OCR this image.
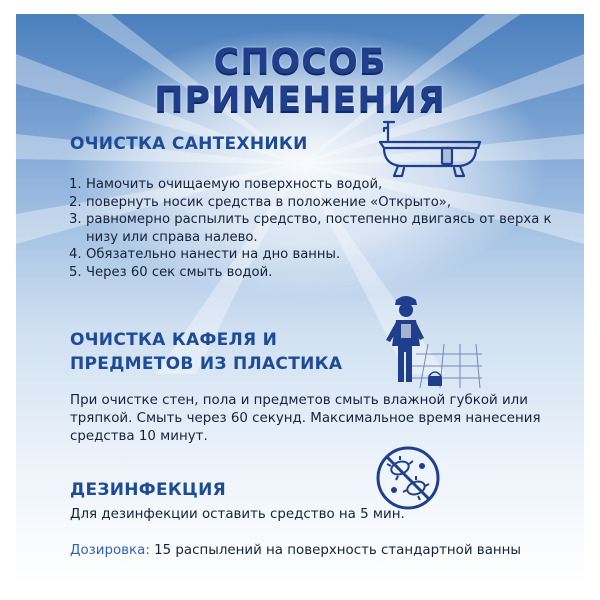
СПОСОБ
ПРИМЕНЕНИЯ
ОЧИСТКА САНТЕХНИКИ
1. Намочить очищаемую поверхность водой,
2. повернуть носик средства в положение «Открыто»,
3. равномерно распылить средство, постепенно двигаясь от верха к низу или справа налево.
4. Обязательно нанести на дно ванны.
5. Через 60 сек смыть водой.
ОЧИСТКА КАФЕЛЯ И
ПРЕДМЕТОВ ИЗ ПЛАСТИКА
При очистке стен, пола и предметов смыть влажной губкой или тряпкой. Смыть через 60 секунд. Максимальное время нанесения средства 10 минут.
ДЕЗИНФЕКЦИЯ
Для дезинфекции оставить средство на 5 мин.
Дозировка: 15 распылений на поверхность стандартной ванны
